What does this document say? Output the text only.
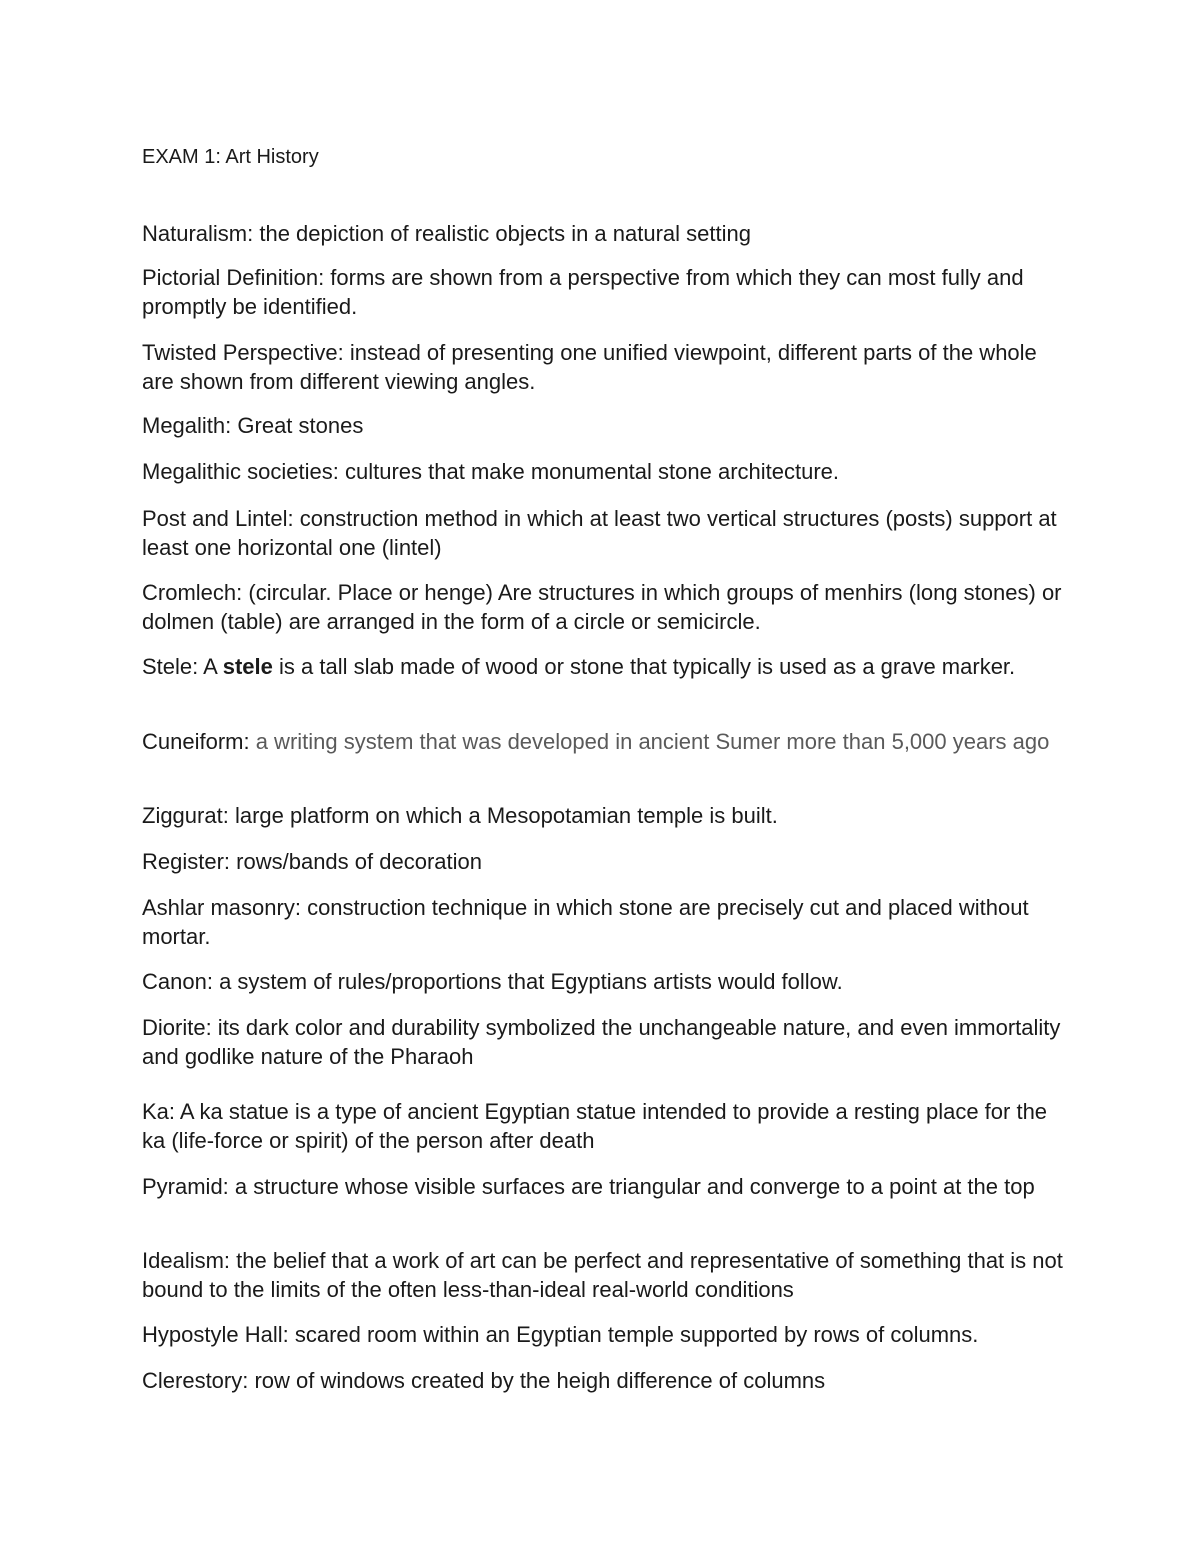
EXAM 1: Art History

Naturalism: the depiction of realistic objects in a natural setting

Pictorial Definition: forms are shown from a perspective from which they can most fully and promptly be identified.

Twisted Perspective: instead of presenting one unified viewpoint, different parts of the whole are shown from different viewing angles.

Megalith: Great stones

Megalithic societies: cultures that make monumental stone architecture.

Post and Lintel: construction method in which at least two vertical structures (posts) support at least one horizontal one (lintel)

Cromlech: (circular. Place or henge) Are structures in which groups of menhirs (long stones) or dolmen (table) are arranged in the form of a circle or semicircle.

Stele: A stele is a tall slab made of wood or stone that typically is used as a grave marker.

Cuneiform: a writing system that was developed in ancient Sumer more than 5,000 years ago

Ziggurat: large platform on which a Mesopotamian temple is built.

Register: rows/bands of decoration

Ashlar masonry: construction technique in which stone are precisely cut and placed without mortar.

Canon: a system of rules/proportions that Egyptians artists would follow.

Diorite: its dark color and durability symbolized the unchangeable nature, and even immortality and godlike nature of the Pharaoh

Ka: A ka statue is a type of ancient Egyptian statue intended to provide a resting place for the ka (life-force or spirit) of the person after death

Pyramid: a structure whose visible surfaces are triangular and converge to a point at the top

Idealism: the belief that a work of art can be perfect and representative of something that is not bound to the limits of the often less-than-ideal real-world conditions

Hypostyle Hall: scared room within an Egyptian temple supported by rows of columns.

Clerestory: row of windows created by the heigh difference of columns
